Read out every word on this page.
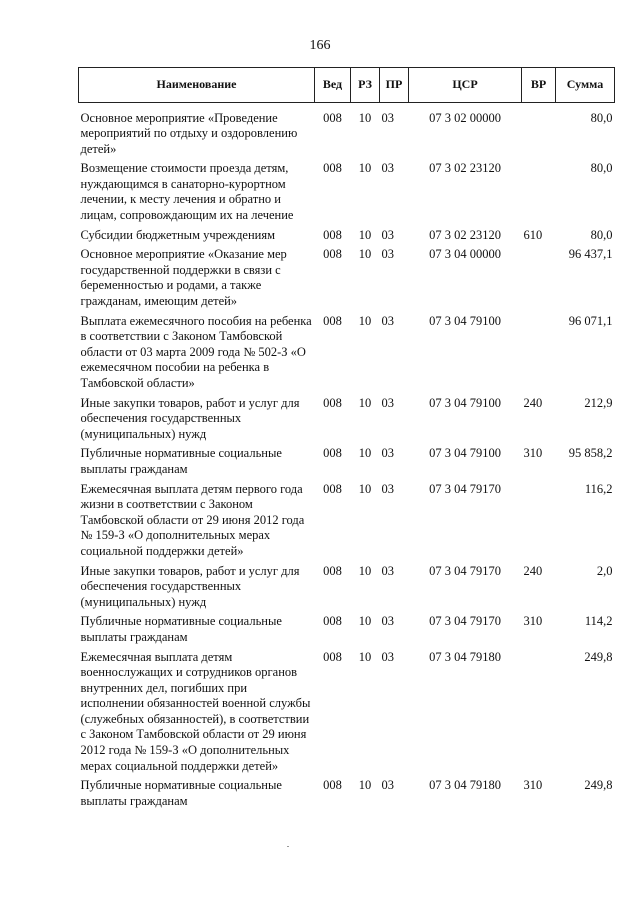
166
Наименование	Вед	РЗ	ПР	ЦСР	ВР	Сумма

Основное мероприятие «Проведение мероприятий по отдыху и оздоровлению детей»	008	10	03	07 3 02 00000		80,0
Возмещение стоимости проезда детям, нуждающимся в санаторно-курортном лечении, к месту лечения и обратно и лицам, сопровождающим их на лечение	008	10	03	07 3 02 23120		80,0
Субсидии бюджетным учреждениям	008	10	03	07 3 02 23120	610	80,0
Основное мероприятие «Оказание мер государственной поддержки в связи с беременностью и родами, а также гражданам, имеющим детей»	008	10	03	07 3 04 00000		96 437,1
Выплата ежемесячного пособия на ребенка в соответствии с Законом Тамбовской области от 03 марта 2009 года № 502-З «О ежемесячном пособии на ребенка в Тамбовской области»	008	10	03	07 3 04 79100		96 071,1
Иные закупки товаров, работ и услуг для обеспечения государственных (муниципальных) нужд	008	10	03	07 3 04 79100	240	212,9
Публичные нормативные социальные выплаты гражданам	008	10	03	07 3 04 79100	310	95 858,2
Ежемесячная выплата детям первого года жизни в соответствии с Законом Тамбовской области от 29 июня 2012 года № 159-З «О дополнительных мерах социальной поддержки детей»	008	10	03	07 3 04 79170		116,2
Иные закупки товаров, работ и услуг для обеспечения государственных (муниципальных) нужд	008	10	03	07 3 04 79170	240	2,0
Публичные нормативные социальные выплаты гражданам	008	10	03	07 3 04 79170	310	114,2
Ежемесячная выплата детям военнослужащих и сотрудников органов внутренних дел, погибших при исполнении обязанностей военной службы (служебных обязанностей), в соответствии с Законом Тамбовской области от 29 июня 2012 года № 159-З «О дополнительных мерах социальной поддержки детей»	008	10	03	07 3 04 79180		249,8
Публичные нормативные социальные выплаты гражданам	008	10	03	07 3 04 79180	310	249,8
